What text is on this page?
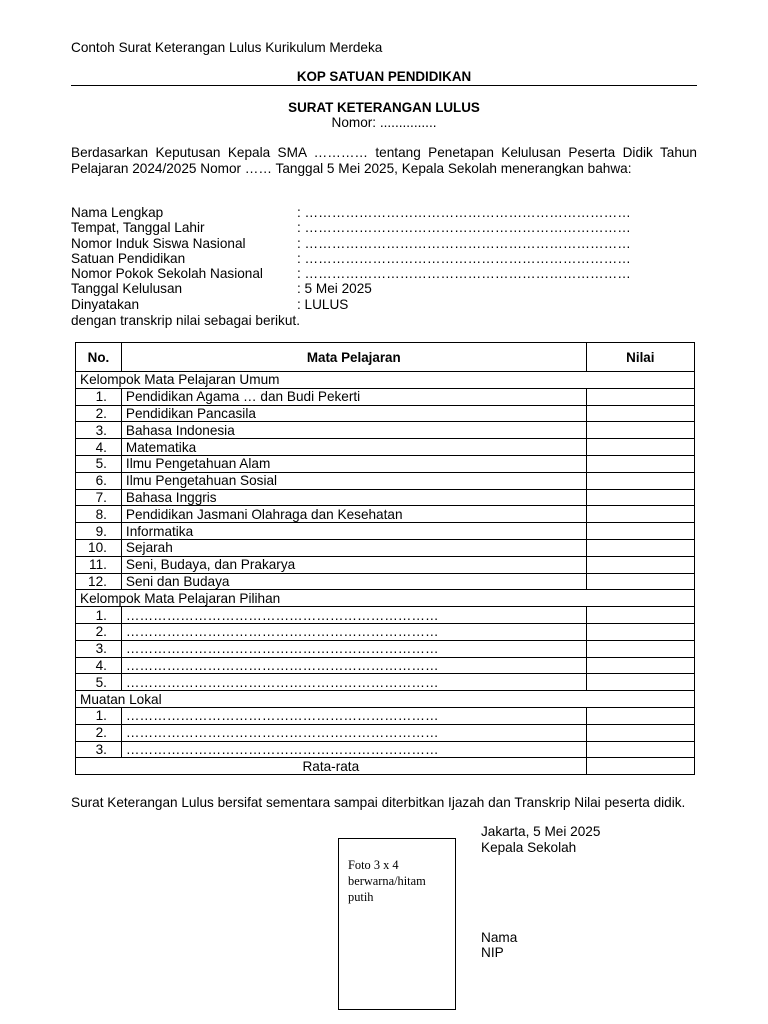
Contoh Surat Keterangan Lulus Kurikulum Merdeka
KOP SATUAN PENDIDIKAN
SURAT KETERANGAN LULUS
Nomor: ...............
Berdasarkan Keputusan Kepala SMA ………… tentang Penetapan Kelulusan Peserta Didik Tahun Pelajaran 2024/2025 Nomor …… Tanggal 5 Mei 2025, Kepala Sekolah menerangkan bahwa:
Nama Lengkap	: ………………………………………………………………
Tempat, Tanggal Lahir	: ………………………………………………………………
Nomor Induk Siswa Nasional	: ………………………………………………………………
Satuan Pendidikan	: ………………………………………………………………
Nomor Pokok Sekolah Nasional	: ………………………………………………………………
Tanggal Kelulusan	: 5 Mei 2025
Dinyatakan	: LULUS
dengan transkrip nilai sebagai berikut.
No.	Mata Pelajaran	Nilai
Kelompok Mata Pelajaran Umum		
1.	Pendidikan Agama … dan Budi Pekerti	
2.	Pendidikan Pancasila	
3.	Bahasa Indonesia	
4.	Matematika	
5.	Ilmu Pengetahuan Alam	
6.	Ilmu Pengetahuan Sosial	
7.	Bahasa Inggris	
8.	Pendidikan Jasmani Olahraga dan Kesehatan	
9.	Informatika	
10.	Sejarah	
11.	Seni, Budaya, dan Prakarya	
12.	Seni dan Budaya	
Kelompok Mata Pelajaran Pilihan		
1.	……………………………………………………………	
2.	……………………………………………………………	
3.	……………………………………………………………	
4.	……………………………………………………………	
5.	……………………………………………………………	
Muatan Lokal		
1.	……………………………………………………………	
2.	……………………………………………………………	
3.	……………………………………………………………	
Rata-rata		
Surat Keterangan Lulus bersifat sementara sampai diterbitkan Ijazah dan Transkrip Nilai peserta didik.
Jakarta, 5 Mei 2025
Kepala Sekolah
Foto 3 x 4
berwarna/hitam
putih
Nama
NIP
